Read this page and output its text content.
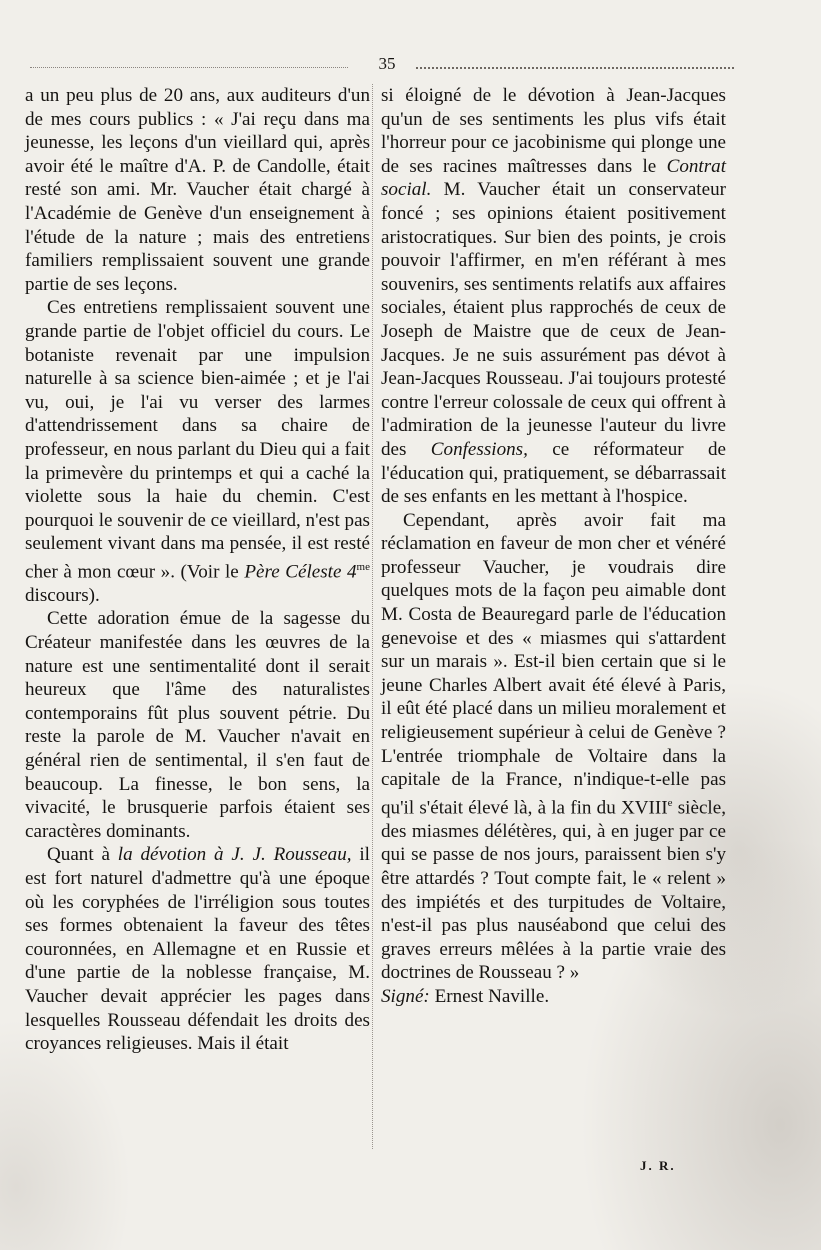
35

a un peu plus de 20 ans, aux auditeurs d'un de mes cours publics : « J'ai reçu dans ma jeunesse, les leçons d'un vieillard qui, après avoir été le maître d'A. P. de Candolle, était resté son ami. Mr. Vaucher était chargé à l'Académie de Genève d'un enseignement à l'étude de la nature ; mais des entretiens familiers remplissaient souvent une grande partie de ses leçons.

Ces entretiens remplissaient souvent une grande partie de l'objet officiel du cours. Le botaniste revenait par une impulsion naturelle à sa science bien-aimée ; et je l'ai vu, oui, je l'ai vu verser des larmes d'attendrissement dans sa chaire de professeur, en nous parlant du Dieu qui a fait la primevère du printemps et qui a caché la violette sous la haie du chemin. C'est pourquoi le souvenir de ce vieillard, n'est pas seulement vivant dans ma pensée, il est resté cher à mon cœur ». (Voir le Père Céleste $4^{me}$ discours).

Cette adoration émue de la sagesse du Créateur manifestée dans les œuvres de la nature est une sentimentalité dont il serait heureux que l'âme des naturalistes contemporains fût plus souvent pétrie. Du reste la parole de M. Vaucher n'avait en général rien de sentimental, il s'en faut de beaucoup. La finesse, le bon sens, la vivacité, le brusquerie parfois étaient ses caractères dominants.

Quant à la dévotion à J. J. Rousseau, il est fort naturel d'admettre qu'à une époque où les coryphées de l'irréligion sous toutes ses formes obtenaient la faveur des têtes couronnées, en Allemagne et en Russie et d'une partie de la noblesse française, M. Vaucher devait apprécier les pages dans lesquelles Rousseau défendait les droits des croyances religieuses. Mais il était

si éloigné de le dévotion à Jean-Jacques qu'un de ses sentiments les plus vifs était l'horreur pour ce jacobinisme qui plonge une de ses racines maîtresses dans le Contrat social. M. Vaucher était un conservateur foncé ; ses opinions étaient positivement aristocratiques. Sur bien des points, je crois pouvoir l'affirmer, en m'en référant à mes souvenirs, ses sentiments relatifs aux affaires sociales, étaient plus rapprochés de ceux de Joseph de Maistre que de ceux de Jean-Jacques. Je ne suis assurément pas dévot à Jean-Jacques Rousseau. J'ai toujours protesté contre l'erreur colossale de ceux qui offrent à l'admiration de la jeunesse l'auteur du livre des Confessions, ce réformateur de l'éducation qui, pratiquement, se débarrassait de ses enfants en les mettant à l'hospice.

Cependant, après avoir fait ma réclamation en faveur de mon cher et vénéré professeur Vaucher, je voudrais dire quelques mots de la façon peu aimable dont M. Costa de Beauregard parle de l'éducation genevoise et des « miasmes qui s'attardent sur un marais ». Est-il bien certain que si le jeune Charles Albert avait été élevé à Paris, il eût été placé dans un milieu moralement et religieusement supérieur à celui de Genève ? L'entrée triomphale de Voltaire dans la capitale de la France, n'indique-t-elle pas qu'il s'était élevé là, à la fin du XVIIIe siècle, des miasmes délétères, qui, à en juger par ce qui se passe de nos jours, paraissent bien s'y être attardés ? Tout compte fait, le « relent » des impiétés et des turpitudes de Voltaire, n'est-il pas plus nauséabond que celui des graves erreurs mêlées à la partie vraie des doctrines de Rousseau ? »

Signé: Ernest Naville.

J. R.
